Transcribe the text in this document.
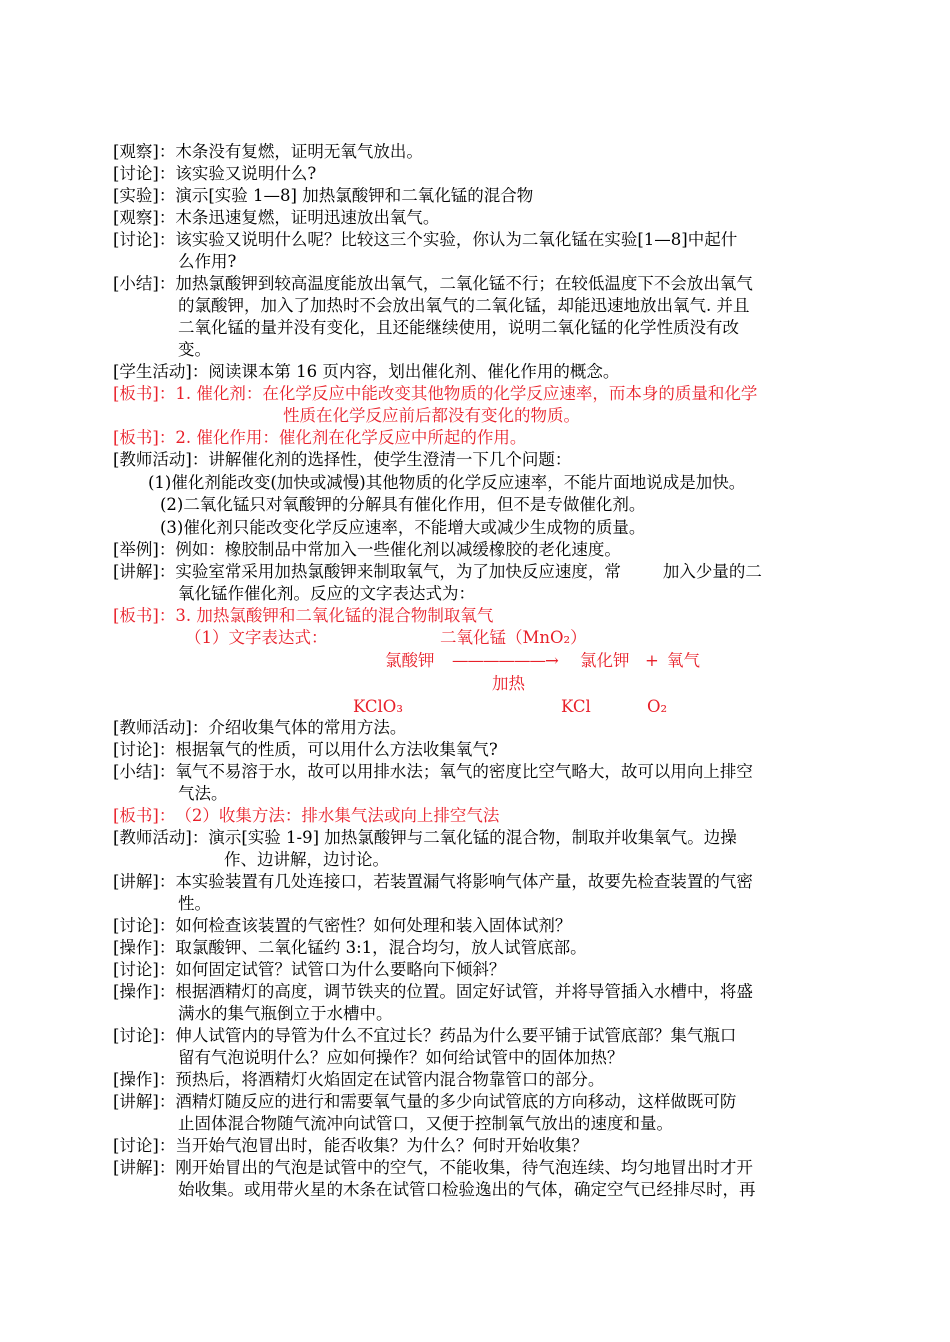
[观察]：木条没有复燃，证明无氧气放出。
[讨论]：该实验又说明什么?
[实验]：演示[实验 1—8] 加热氯酸钾和二氧化锰的混合物
[观察]：木条迅速复燃，证明迅速放出氧气。
[讨论]：该实验又说明什么呢？比较这三个实验，你认为二氧化锰在实验[1—8]中起什
么作用?
[小结]：加热氯酸钾到较高温度能放出氧气，二氧化锰不行；在较低温度下不会放出氧气
的氯酸钾，加入了加热时不会放出氧气的二氧化锰，却能迅速地放出氧气. 并且
二氧化锰的量并没有变化，且还能继续使用，说明二氧化锰的化学性质没有改
变。
[学生活动]：阅读课本第 16 页内容，划出催化剂、催化作用的概念。
[板书]：1. 催化剂：在化学反应中能改变其他物质的化学反应速率，而本身的质量和化学
性质在化学反应前后都没有变化的物质。
[板书]：2. 催化作用：催化剂在化学反应中所起的作用。
[教师活动]：讲解催化剂的选择性，使学生澄清一下几个问题：
(1)催化剂能改变(加快或减慢)其他物质的化学反应速率，不能片面地说成是加快。
(2)二氧化锰只对氧酸钾的分解具有催化作用，但不是专做催化剂。
(3)催化剂只能改变化学反应速率，不能增大或减少生成物的质量。
[举例]：例如：橡胶制品中常加入一些催化剂以减缓橡胶的老化速度。
[讲解]：实验室常采用加热氯酸钾来制取氧气，为了加快反应速度，常        加入少量的二
氧化锰作催化剂。反应的文字表达式为：
[板书]：3. 加热氯酸钾和二氧化锰的混合物制取氧气
（1）文字表达式：	二氧化锰（MnO₂）
氯酸钾 ——————→ 氯化钾 + 氧气
加热
KClO₃	KCl	O₂
[教师活动]：介绍收集气体的常用方法。
[讨论]：根据氧气的性质，可以用什么方法收集氧气?
[小结]：氧气不易溶于水，故可以用排水法；氧气的密度比空气略大，故可以用向上排空
气法。
[板书]：（2）收集方法：排水集气法或向上排空气法
[教师活动]：演示[实验 1-9] 加热氯酸钾与二氧化锰的混合物，制取并收集氧气。边操
作、边讲解，边讨论。
[讲解]：本实验装置有几处连接口，若装置漏气将影响气体产量，故要先检查装置的气密
性。
[讨论]：如何检查该装置的气密性？如何处理和装入固体试剂？
[操作]：取氯酸钾、二氧化锰约 3:1，混合均匀，放人试管底部。
[讨论]：如何固定试管？试管口为什么要略向下倾斜？
[操作]：根据酒精灯的高度，调节铁夹的位置。固定好试管，并将导管插入水槽中，将盛
满水的集气瓶倒立于水槽中。
[讨论]：伸人试管内的导管为什么不宜过长？药品为什么要平铺于试管底部？集气瓶口
留有气泡说明什么？应如何操作？如何给试管中的固体加热？
[操作]：预热后，将酒精灯火焰固定在试管内混合物靠管口的部分。
[讲解]：酒精灯随反应的进行和需要氧气量的多少向试管底的方向移动，这样做既可防
止固体混合物随气流冲向试管口，又便于控制氧气放出的速度和量。
[讨论]：当开始气泡冒出时，能否收集？为什么？何时开始收集？
[讲解]：刚开始冒出的气泡是试管中的空气，不能收集，待气泡连续、均匀地冒出时才开
始收集。或用带火星的木条在试管口检验逸出的气体，确定空气已经排尽时，再
